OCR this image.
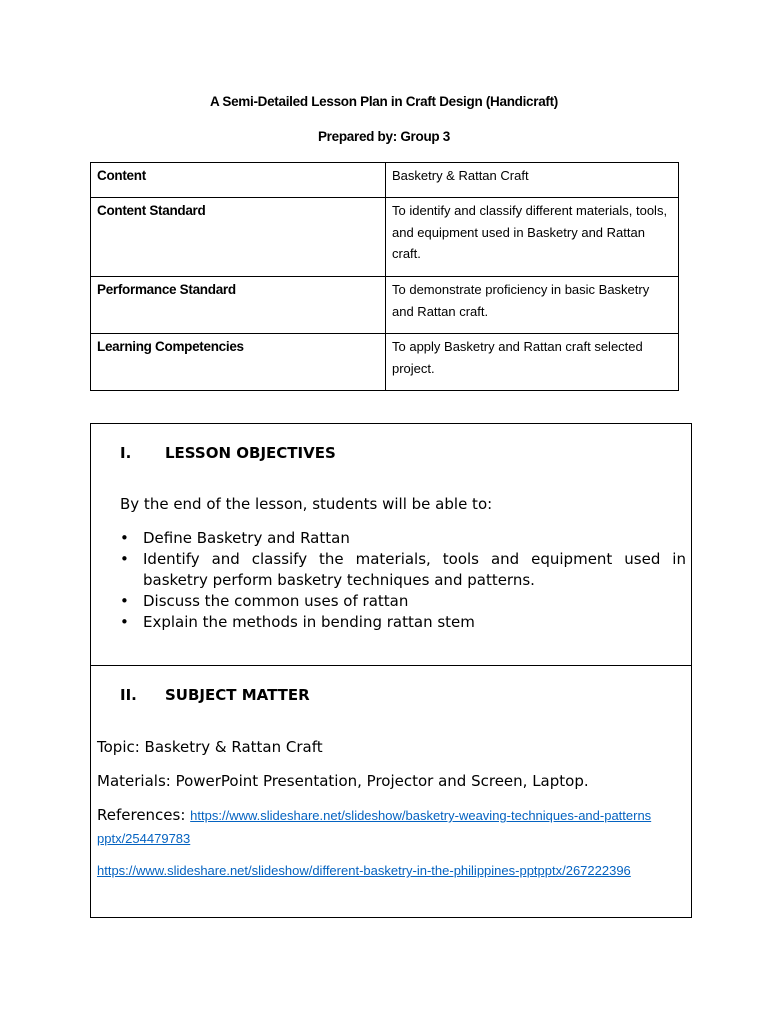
A Semi-Detailed Lesson Plan in Craft Design (Handicraft)
Prepared by: Group 3
Content	Basketry & Rattan Craft
Content Standard	To identify and classify different materials, tools, and equipment used in Basketry and Rattan craft.
Performance Standard	To demonstrate proficiency in basic Basketry and Rattan craft.
Learning Competencies	To apply Basketry and Rattan craft selected project.
I. LESSON OBJECTIVES
By the end of the lesson, students will be able to:
• Define Basketry and Rattan
• Identify and classify the materials, tools and equipment used in basketry perform basketry techniques and patterns.
• Discuss the common uses of rattan
• Explain the methods in bending rattan stem
II. SUBJECT MATTER
Topic: Basketry & Rattan Craft
Materials: PowerPoint Presentation, Projector and Screen, Laptop.
References: https://www.slideshare.net/slideshow/basketry-weaving-techniques-and-patternspptx/254479783
https://www.slideshare.net/slideshow/different-basketry-in-the-philippines-pptpptx/267222396
